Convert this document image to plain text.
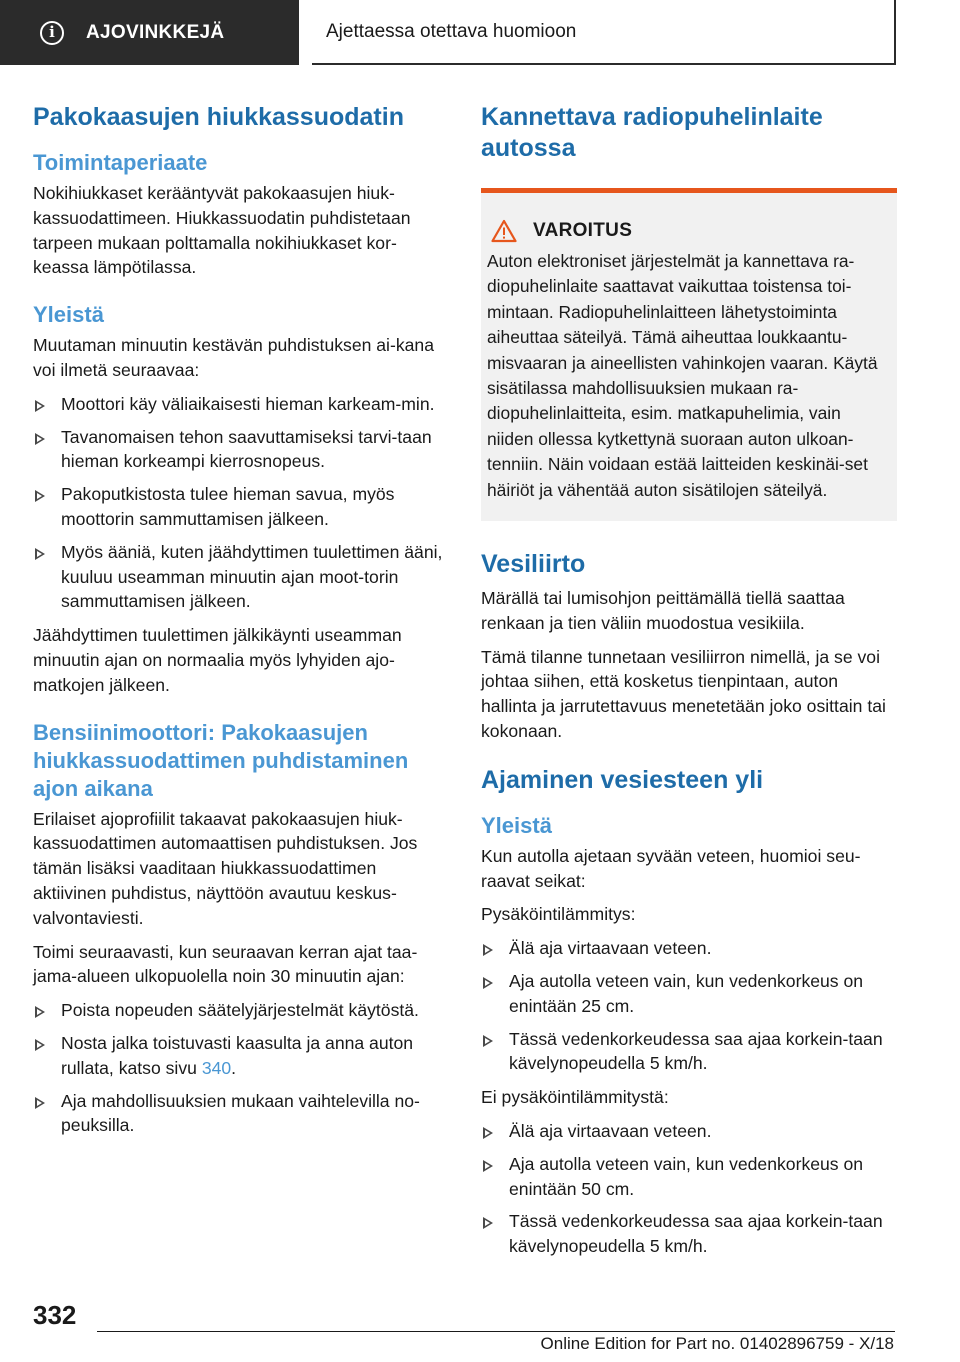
i	AJOVINKKEJÄ	Ajettaessa otettava huomioon
Pakokaasujen hiukkassuodatin
Toimintaperiaate

Nokihiukkaset kerääntyvät pakokaasujen hiuk-kassuodattimeen. Hiukkassuodatin puhdistetaan tarpeen mukaan polttamalla nokihiukkaset kor-keassa lämpötilassa.

Yleistä

Muutaman minuutin kestävän puhdistuksen ai-kana voi ilmetä seuraavaa:

Moottori käy väliaikaisesti hieman karkeam-min.
Tavanomaisen tehon saavuttamiseksi tarvi-taan hieman korkeampi kierrosnopeus.
Pakoputkistosta tulee hieman savua, myös moottorin sammuttamisen jälkeen.
Myös ääniä, kuten jäähdyttimen tuulettimen ääni, kuuluu useamman minuutin ajan moot-torin sammuttamisen jälkeen.

Jäähdyttimen tuulettimen jälkikäynti useamman minuutin ajan on normaalia myös lyhyiden ajo-matkojen jälkeen.

Bensiinimoottori: Pakokaasujen hiukkassuodattimen puhdistaminen ajon aikana

Erilaiset ajoprofiilit takaavat pakokaasujen hiuk-kassuodattimen automaattisen puhdistuksen. Jos tämän lisäksi vaaditaan hiukkassuodattimen aktiivinen puhdistus, näyttöön avautuu keskus-valvontaviesti.

Toimi seuraavasti, kun seuraavan kerran ajat taa-jama-alueen ulkopuolella noin 30 minuutin ajan:

Poista nopeuden säätelyjärjestelmät käytöstä.
Nosta jalka toistuvasti kaasulta ja anna auton rullata, katso sivu 340.
Aja mahdollisuuksien mukaan vaihtelevilla no-peuksilla.
Kannettava radiopuhelinlaite autossa
VAROITUS

Auton elektroniset järjestelmät ja kannettava ra-diopuhelinlaite saattavat vaikuttaa toistensa toi-mintaan. Radiopuhelinlaitteen lähetystoiminta aiheuttaa säteilyä. Tämä aiheuttaa loukkaantu-misvaaran ja aineellisten vahinkojen vaaran. Käytä sisätilassa mahdollisuuksien mukaan ra-diopuhelinlaitteita, esim. matkapuhelimia, vain niiden ollessa kytkettynä suoraan auton ulkoan-tenniin. Näin voidaan estää laitteiden keskinäi-set häiriöt ja vähentää auton sisätilojen säteilyä.

Vesiliirto

Märällä tai lumisohjon peittämällä tiellä saattaa renkaan ja tien väliin muodostua vesikiila.

Tämä tilanne tunnetaan vesiliirron nimellä, ja se voi johtaa siihen, että kosketus tienpintaan, auton hallinta ja jarrutettavuus menetetään joko osittain tai kokonaan.

Ajaminen vesiesteen yli
Yleistä

Kun autolla ajetaan syvään veteen, huomioi seu-raavat seikat:

Pysäköintilämmitys:

Älä aja virtaavaan veteen.
Aja autolla veteen vain, kun vedenkorkeus on enintään 25 cm.
Tässä vedenkorkeudessa saa ajaa korkein-taan kävelynopeudella 5 km/h.

Ei pysäköintilämmitystä:

Älä aja virtaavaan veteen.
Aja autolla veteen vain, kun vedenkorkeus on enintään 50 cm.
Tässä vedenkorkeudessa saa ajaa korkein-taan kävelynopeudella 5 km/h.
332
Online Edition for Part no. 01402896759 - X/18
